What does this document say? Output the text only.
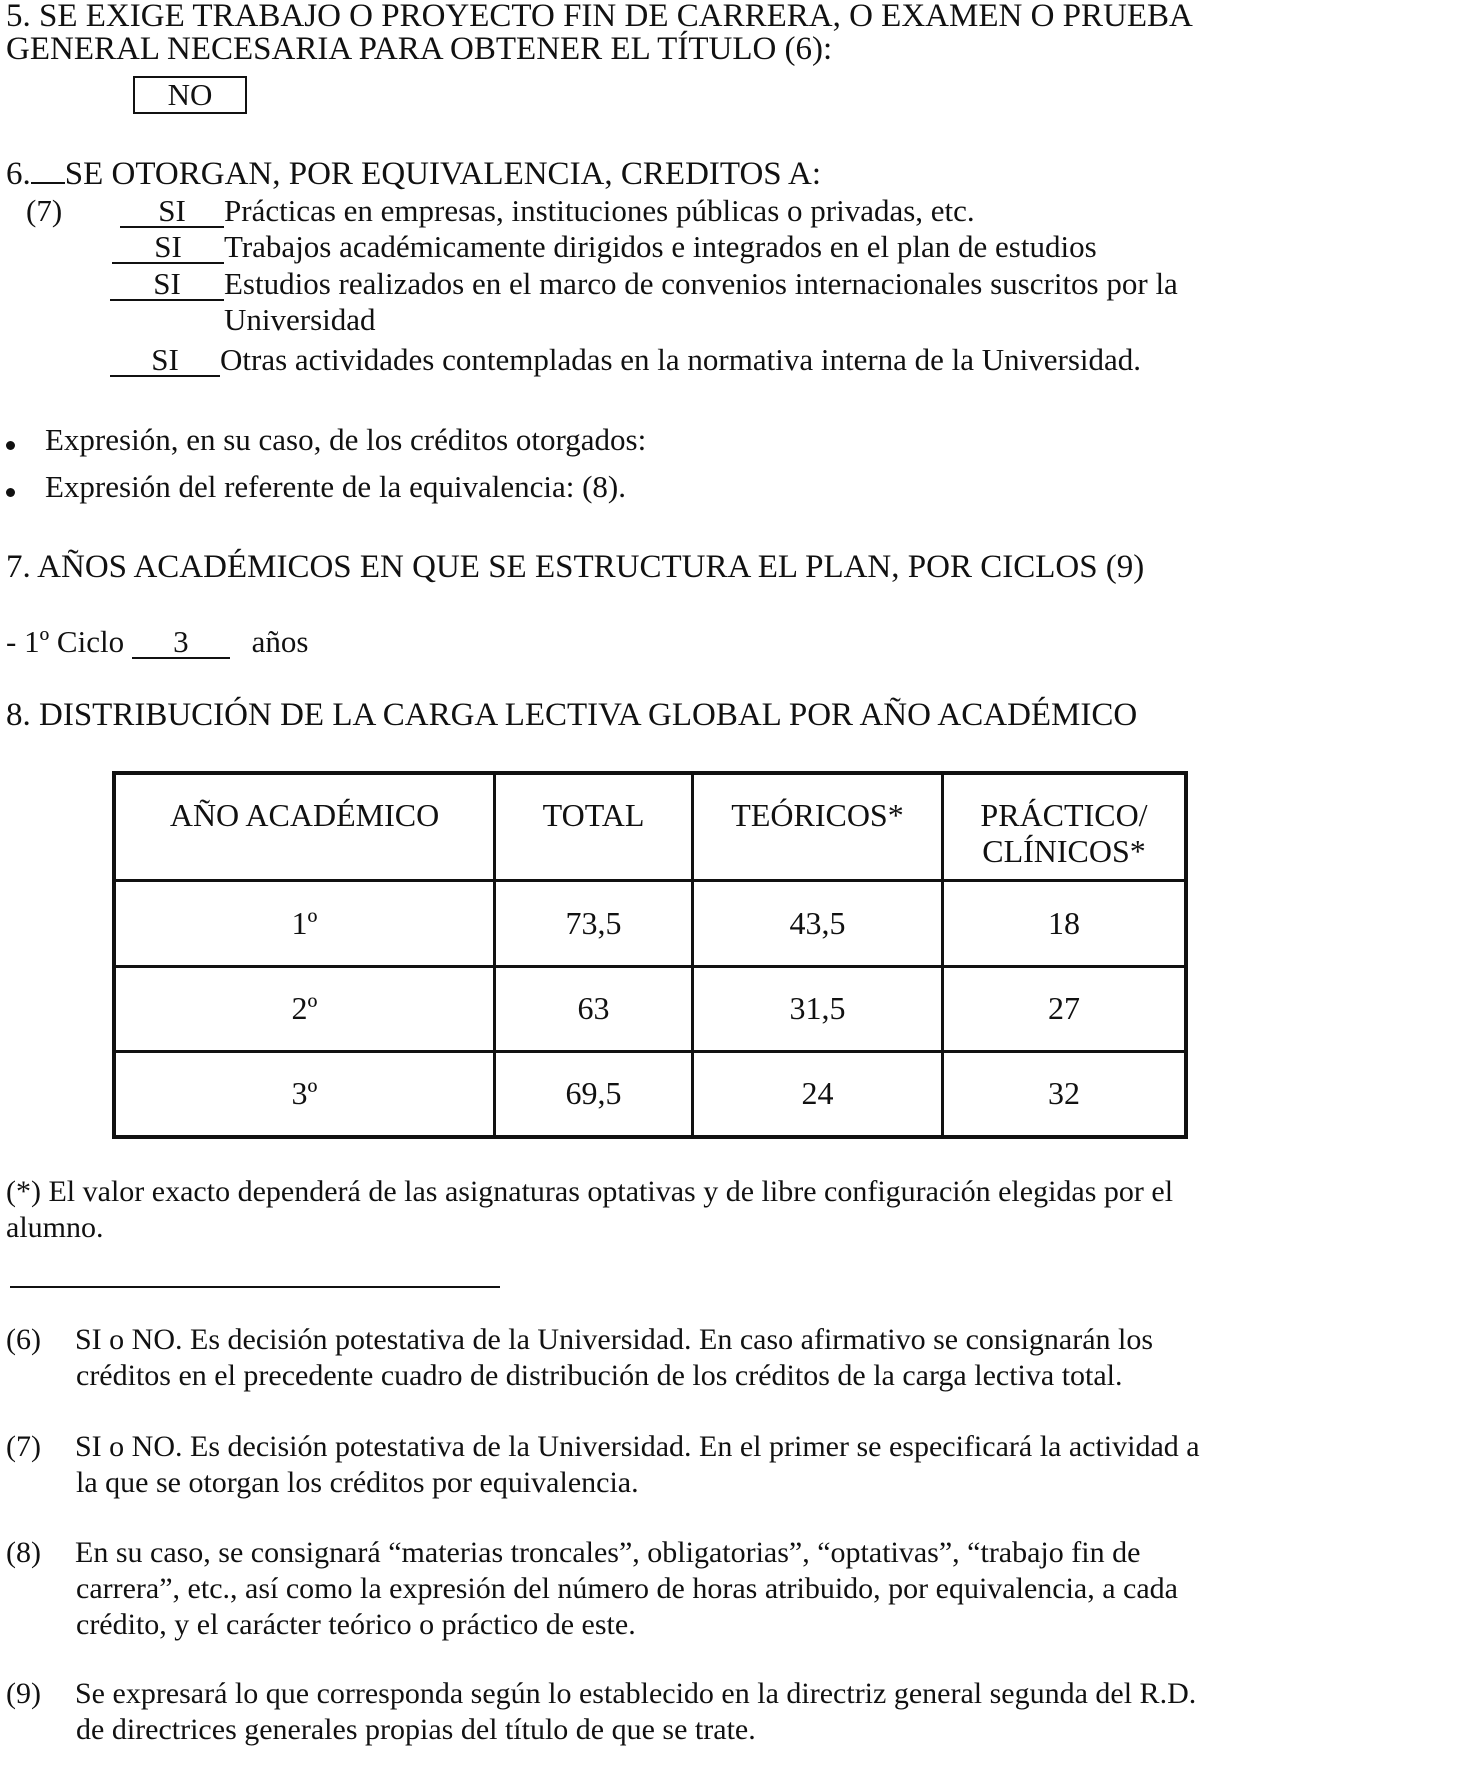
5. SE EXIGE TRABAJO O PROYECTO FIN DE CARRERA, O EXAMEN O PRUEBA
GENERAL NECESARIA PARA OBTENER EL TÍTULO (6):
NO
6. SE OTORGAN, POR EQUIVALENCIA, CREDITOS A:
(7)	SI Prácticas en empresas, instituciones públicas o privadas, etc.
SI Trabajos académicamente dirigidos e integrados en el plan de estudios
SI Estudios realizados en el marco de convenios internacionales suscritos por la
Universidad
SI Otras actividades contempladas en la normativa interna de la Universidad.
Expresión, en su caso, de los créditos otorgados:
Expresión del referente de la equivalencia: (8).
7. AÑOS ACADÉMICOS EN QUE SE ESTRUCTURA EL PLAN, POR CICLOS (9)
- 1º Ciclo 3 años
8. DISTRIBUCIÓN DE LA CARGA LECTIVA GLOBAL POR AÑO ACADÉMICO
AÑO ACADÉMICO	TOTAL	TEÓRICOS*	PRÁCTICO/
CLÍNICOS*
1º	73,5	43,5	18
2º	63	31,5	27
3º	69,5	24	32
(*) El valor exacto dependerá de las asignaturas optativas y de libre configuración elegidas por el
alumno.
(6) SI o NO. Es decisión potestativa de la Universidad. En caso afirmativo se consignarán los
créditos en el precedente cuadro de distribución de los créditos de la carga lectiva total.
(7) SI o NO. Es decisión potestativa de la Universidad. En el primer se especificará la actividad a
la que se otorgan los créditos por equivalencia.
(8) En su caso, se consignará “materias troncales”, obligatorias”, “optativas”, “trabajo fin de
carrera”, etc., así como la expresión del número de horas atribuido, por equivalencia, a cada
crédito, y el carácter teórico o práctico de este.
(9) Se expresará lo que corresponda según lo establecido en la directriz general segunda del R.D.
de directrices generales propias del título de que se trate.
